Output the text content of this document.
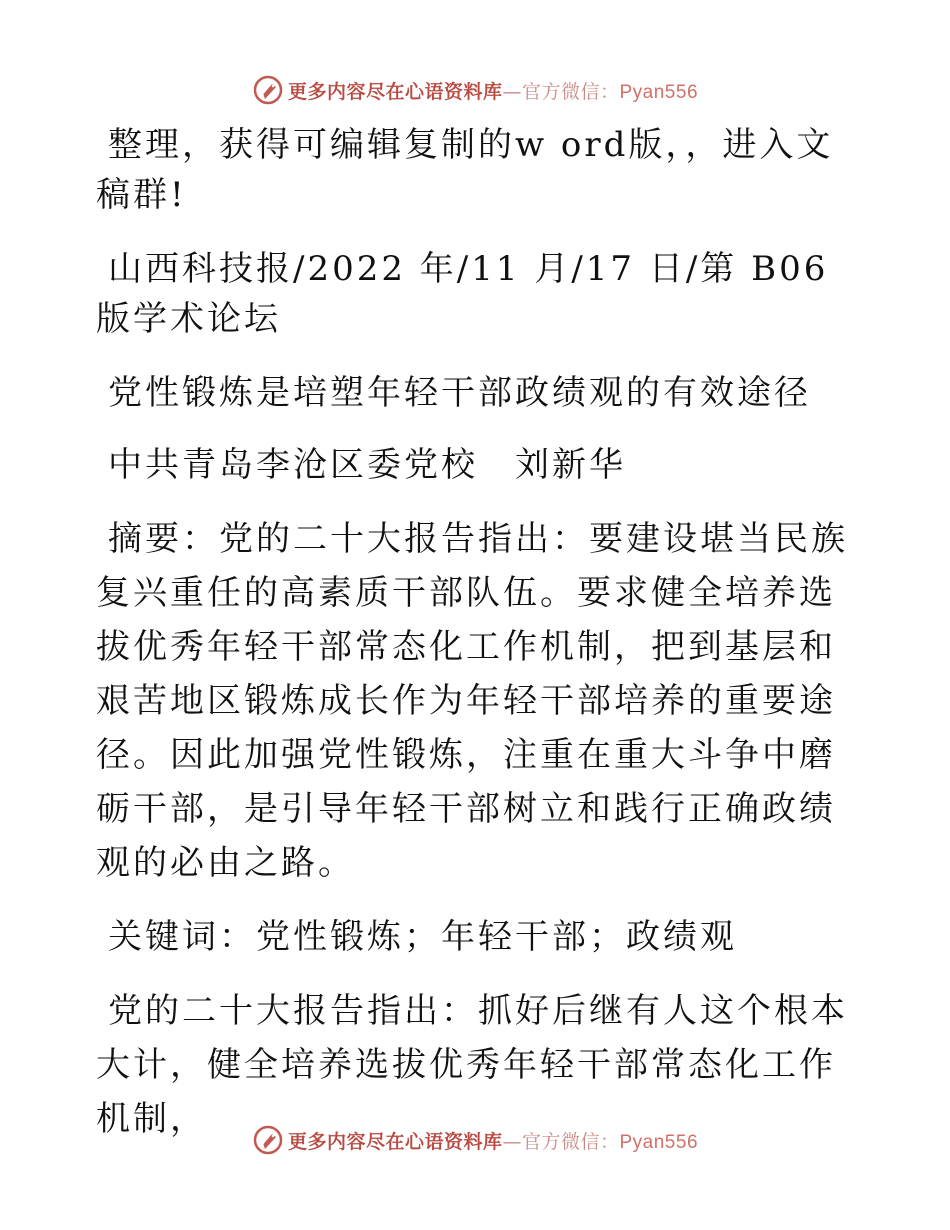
更多内容尽在心语资料库—官方微信：Pyan556

整理，获得可编辑复制的w ord版，，进入文稿群!

山西科技报/2022 年/11 月/17 日/第 B06 版学术论坛

党性锻炼是培塑年轻干部政绩观的有效途径

中共青岛李沧区委党校　刘新华

摘要：党的二十大报告指出：要建设堪当民族复兴重任的高素质干部队伍。要求健全培养选拔优秀年轻干部常态化工作机制，把到基层和艰苦地区锻炼成长作为年轻干部培养的重要途径。因此加强党性锻炼，注重在重大斗争中磨砺干部，是引导年轻干部树立和践行正确政绩观的必由之路。

关键词：党性锻炼；年轻干部；政绩观

党的二十大报告指出：抓好后继有人这个根本大计，健全培养选拔优秀年轻干部常态化工作机制，

更多内容尽在心语资料库—官方微信：Pyan556
